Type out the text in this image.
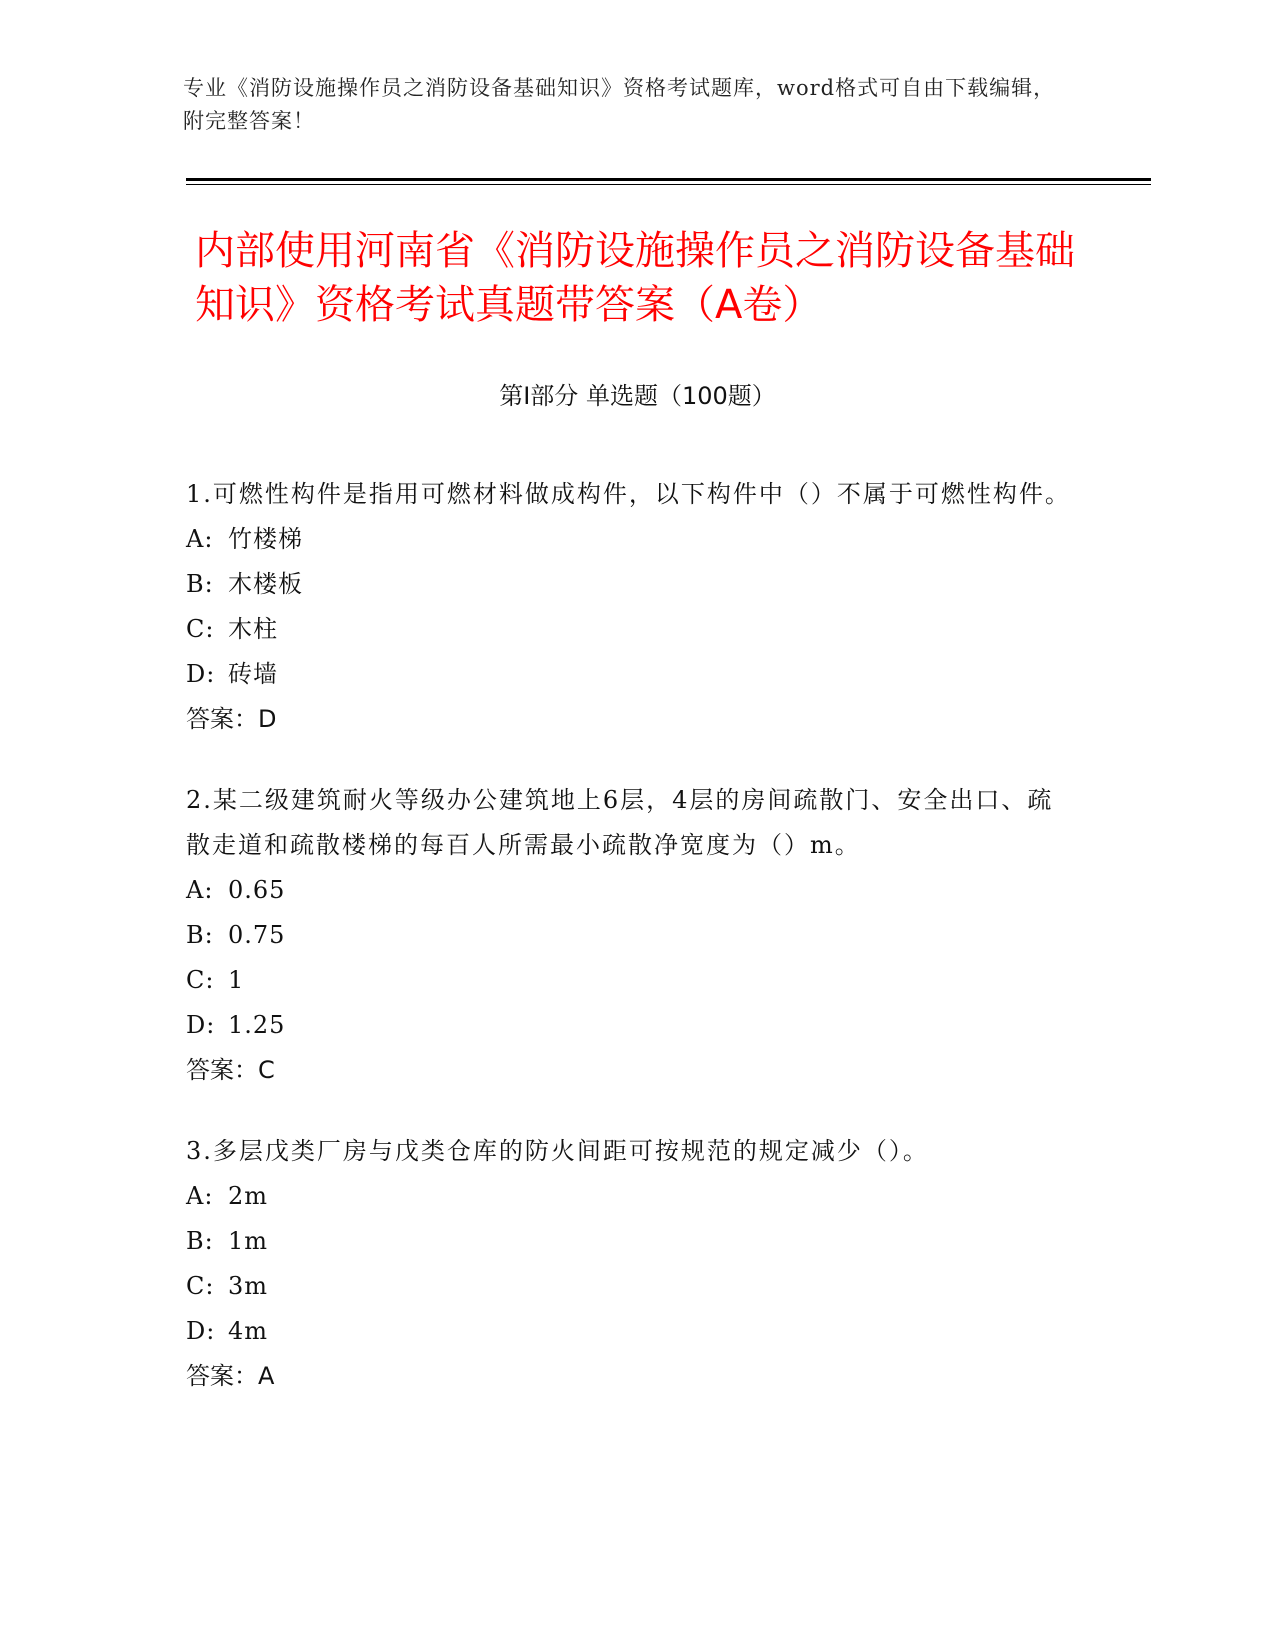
专业《消防设施操作员之消防设备基础知识》资格考试题库，word格式可自由下载编辑，附完整答案！
内部使用河南省《消防设施操作员之消防设备基础知识》资格考试真题带答案（A卷）
第Ⅰ部分 单选题（100题）
1.可燃性构件是指用可燃材料做成构件，以下构件中（）不属于可燃性构件。
A: 竹楼梯
B: 木楼板
C: 木柱
D: 砖墙
答案：D
2.某二级建筑耐火等级办公建筑地上6层，4层的房间疏散门、安全出口、疏散走道和疏散楼梯的每百人所需最小疏散净宽度为（）m。
A: 0.65
B: 0.75
C: 1
D: 1.25
答案：C
3.多层戊类厂房与戊类仓库的防火间距可按规范的规定减少（）。
A: 2m
B: 1m
C: 3m
D: 4m
答案：A
